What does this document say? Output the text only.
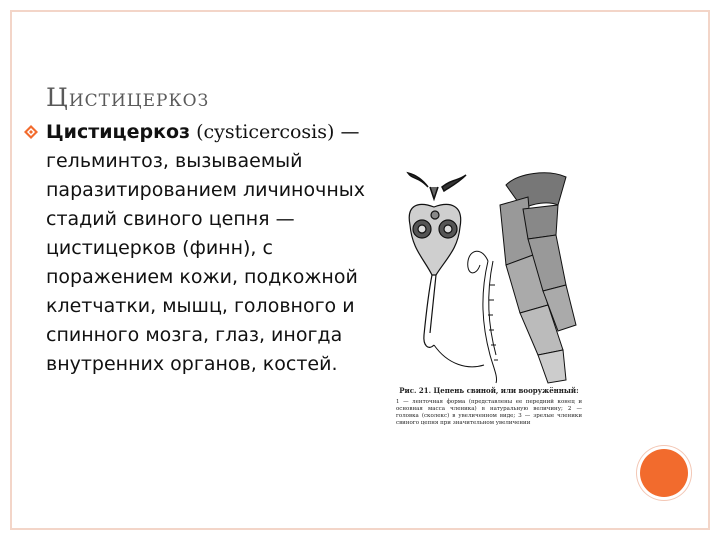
ЦИСТИЦЕРКОЗ

Цистицеркоз (cysticercosis) — гельминтоз, вызываемый паразитированием личиночных стадий свиного цепня — цистицерков (финн), с поражением кожи, подкожной клетчатки, мышц, головного и спинного мозга, глаз, иногда внутренних органов, костей.

Рис. 21. Цепень свиной, или вооружённый:

1 — ленточная форма (представлены ее передний конец и основная масса членика) в натуральную величину; 2 — головка (сколекс) в увеличенном виде; 3 — зрелые членики свиного цепня при значительном увеличении
